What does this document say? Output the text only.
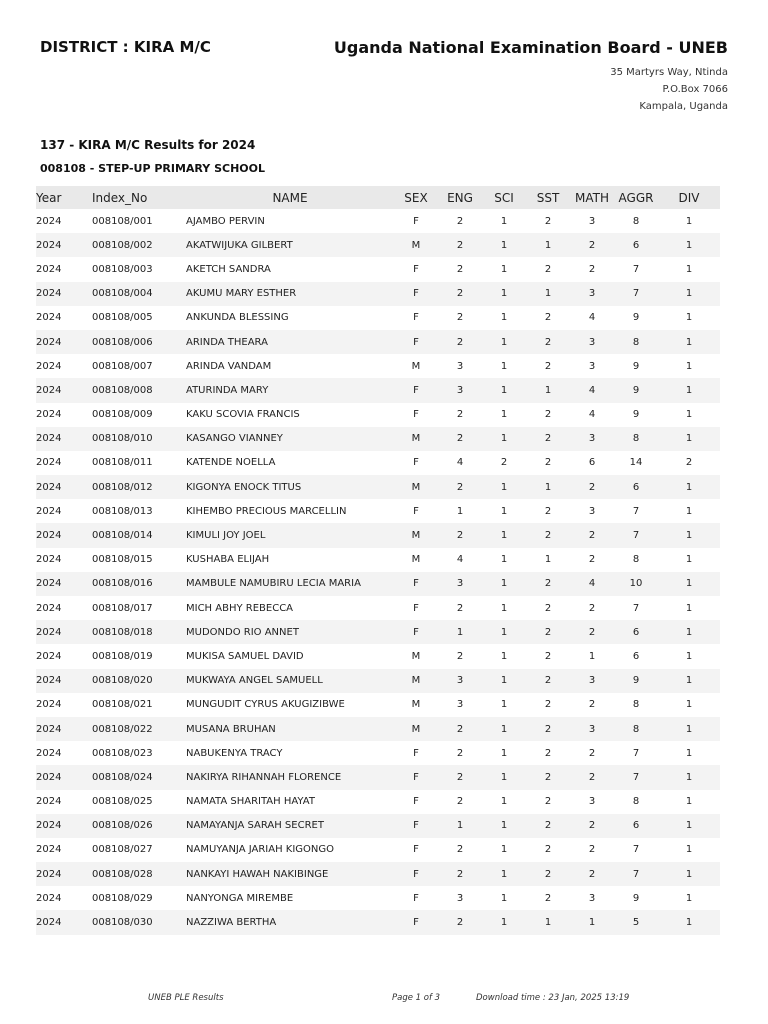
DISTRICT : KIRA M/C	Uganda National Examination Board - UNEB
35 Martyrs Way, Ntinda
P.O.Box 7066
Kampala, Uganda
137 - KIRA M/C Results for 2024
008108 - STEP-UP PRIMARY SCHOOL
Year	Index_No	NAME	SEX	ENG	SCI	SST	MATH	AGGR	DIV
2024	008108/001	AJAMBO PERVIN	F	2	1	2	3	8	1
2024	008108/002	AKATWIJUKA GILBERT	M	2	1	1	2	6	1
2024	008108/003	AKETCH SANDRA	F	2	1	2	2	7	1
2024	008108/004	AKUMU MARY ESTHER	F	2	1	1	3	7	1
2024	008108/005	ANKUNDA BLESSING	F	2	1	2	4	9	1
2024	008108/006	ARINDA THEARA	F	2	1	2	3	8	1
2024	008108/007	ARINDA VANDAM	M	3	1	2	3	9	1
2024	008108/008	ATURINDA MARY	F	3	1	1	4	9	1
2024	008108/009	KAKU SCOVIA FRANCIS	F	2	1	2	4	9	1
2024	008108/010	KASANGO VIANNEY	M	2	1	2	3	8	1
2024	008108/011	KATENDE NOELLA	F	4	2	2	6	14	2
2024	008108/012	KIGONYA ENOCK TITUS	M	2	1	1	2	6	1
2024	008108/013	KIHEMBO PRECIOUS MARCELLIN	F	1	1	2	3	7	1
2024	008108/014	KIMULI JOY JOEL	M	2	1	2	2	7	1
2024	008108/015	KUSHABA ELIJAH	M	4	1	1	2	8	1
2024	008108/016	MAMBULE NAMUBIRU LECIA MARIA	F	3	1	2	4	10	1
2024	008108/017	MICH ABHY REBECCA	F	2	1	2	2	7	1
2024	008108/018	MUDONDO RIO ANNET	F	1	1	2	2	6	1
2024	008108/019	MUKISA SAMUEL DAVID	M	2	1	2	1	6	1
2024	008108/020	MUKWAYA ANGEL SAMUELL	M	3	1	2	3	9	1
2024	008108/021	MUNGUDIT CYRUS AKUGIZIBWE	M	3	1	2	2	8	1
2024	008108/022	MUSANA BRUHAN	M	2	1	2	3	8	1
2024	008108/023	NABUKENYA TRACY	F	2	1	2	2	7	1
2024	008108/024	NAKIRYA RIHANNAH FLORENCE	F	2	1	2	2	7	1
2024	008108/025	NAMATA SHARITAH HAYAT	F	2	1	2	3	8	1
2024	008108/026	NAMAYANJA SARAH SECRET	F	1	1	2	2	6	1
2024	008108/027	NAMUYANJA JARIAH KIGONGO	F	2	1	2	2	7	1
2024	008108/028	NANKAYI HAWAH NAKIBINGE	F	2	1	2	2	7	1
2024	008108/029	NANYONGA MIREMBE	F	3	1	2	3	9	1
2024	008108/030	NAZZIWA BERTHA	F	2	1	1	1	5	1
UNEB PLE Results	Page 1 of 3	Download time : 23 Jan, 2025 13:19
